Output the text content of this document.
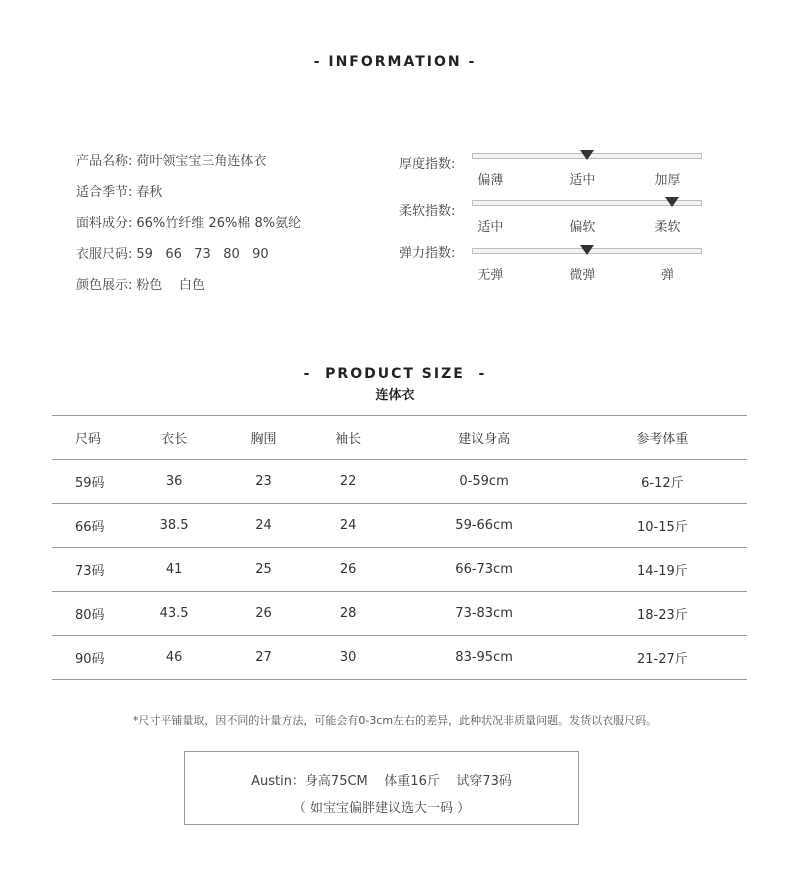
- INFORMATION -
产品名称: 荷叶领宝宝三角连体衣
适合季节: 春秋
面料成分: 66%竹纤维 26%棉 8%氨纶
衣服尺码: 59   66   73   80   90
颜色展示: 粉色    白色
厚度指数:
偏薄	适中	加厚
柔软指数:
适中	偏软	柔软
弹力指数:
无弹	微弹	弹
-  PRODUCT SIZE  -
连体衣
尺码	衣长	胸围	袖长	建议身高	参考体重
59码	36	23	22	0-59cm	6-12斤
66码	38.5	24	24	59-66cm	10-15斤
73码	41	25	26	66-73cm	14-19斤
80码	43.5	26	28	73-83cm	18-23斤
90码	46	27	30	83-95cm	21-27斤
*尺寸平铺量取，因不同的计量方法，可能会有0-3cm左右的差异，此种状况非质量问题。发货以衣服尺码。
Austin：身高75CM    体重16斤    试穿73码
（ 如宝宝偏胖建议选大一码 ）
